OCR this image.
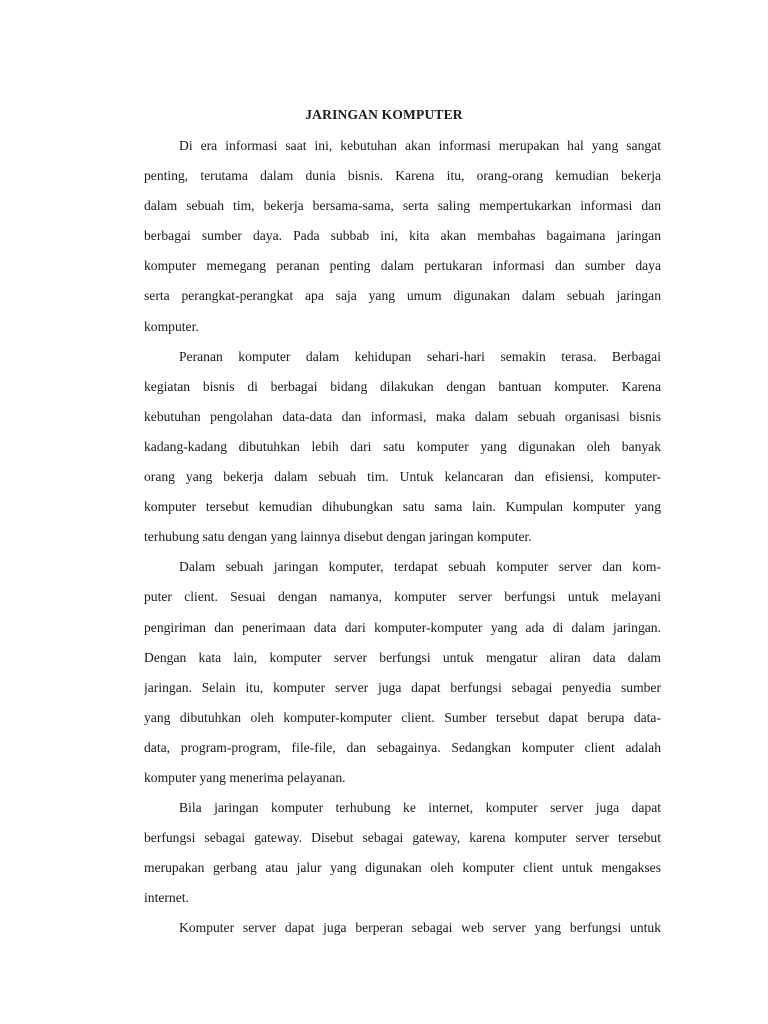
JARINGAN KOMPUTER
Di era informasi saat ini, kebutuhan akan informasi merupakan hal yang sangat
penting, terutama dalam dunia bisnis. Karena itu, orang-orang kemudian bekerja
dalam sebuah tim, bekerja bersama-sama, serta saling mempertukarkan informasi dan
berbagai sumber daya. Pada subbab ini, kita akan membahas bagaimana jaringan
komputer memegang peranan penting dalam pertukaran informasi dan sumber daya
serta perangkat-perangkat apa saja yang umum digunakan dalam sebuah jaringan
komputer.
Peranan komputer dalam kehidupan sehari-hari semakin terasa. Berbagai
kegiatan bisnis di berbagai bidang dilakukan dengan bantuan komputer. Karena
kebutuhan pengolahan data-data dan informasi, maka dalam sebuah organisasi bisnis
kadang-kadang dibutuhkan lebih dari satu komputer yang digunakan oleh banyak
orang yang bekerja dalam sebuah tim. Untuk kelancaran dan efisiensi, komputer-
komputer tersebut kemudian dihubungkan satu sama lain. Kumpulan komputer yang
terhubung satu dengan yang lainnya disebut dengan jaringan komputer.
Dalam sebuah jaringan komputer, terdapat sebuah komputer server dan kom-
puter client. Sesuai dengan namanya, komputer server berfungsi untuk melayani
pengiriman dan penerimaan data dari komputer-komputer yang ada di dalam jaringan.
Dengan kata lain, komputer server berfungsi untuk mengatur aliran data dalam
jaringan. Selain itu, komputer server juga dapat berfungsi sebagai penyedia sumber
yang dibutuhkan oleh komputer-komputer client. Sumber tersebut dapat berupa data-
data, program-program, file-file, dan sebagainya. Sedangkan komputer client adalah
komputer yang menerima pelayanan.
Bila jaringan komputer terhubung ke internet, komputer server juga dapat
berfungsi sebagai gateway. Disebut sebagai gateway, karena komputer server tersebut
merupakan gerbang atau jalur yang digunakan oleh komputer client untuk mengakses
internet.
Komputer server dapat juga berperan sebagai web server yang berfungsi untuk
